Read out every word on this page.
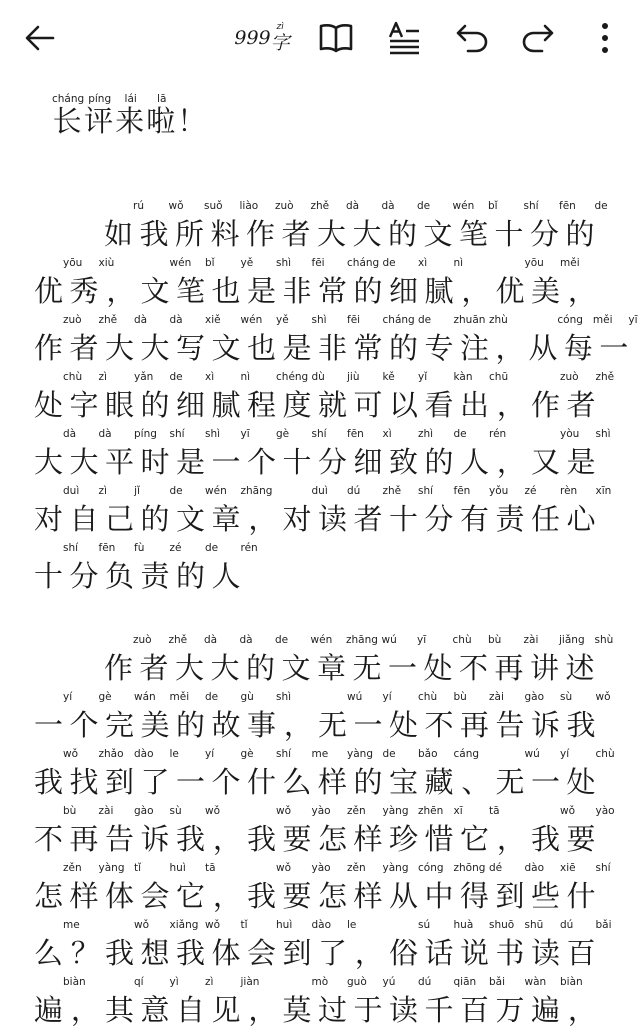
999 字zì
长cháng评píng来lái啦lā！
如rú
我wǒ
所suǒ
料liào
作zuò
者zhě
大dà
大dà
的de
文wén
笔bǐ
十shí
分fēn
的de
优yōu
秀xiù
， 文wén
笔bǐ
也yě
是shì
非fēi
常cháng
的de
细xì
腻nì
， 优yōu
美měi
，
作zuò
者zhě
大dà
大dà
写xiě
文wén
也yě
是shì
非fēi
常cháng
的de
专zhuān
注zhù
， 从cóng
每měi
一yī
处chù
字zì
眼yǎn
的de
细xì
腻nì
程chéng
度dù
就jiù
可kě
以yǐ
看kàn
出chū
， 作zuò
者zhě
大dà
大dà
平píng
时shí
是shì
一yī
个gè
十shí
分fēn
细xì
致zhì
的de
人rén
， 又yòu
是shì
对duì
自zì
己jǐ
的de
文wén
章zhāng
， 对duì
读dú
者zhě
十shí
分fēn
有yǒu
责zé
任rèn
心xīn
十shí
分fēn
负fù
责zé
的de
人rén
作zuò
者zhě
大dà
大dà
的de
文wén
章zhāng
无wú
一yī
处chù
不bù
再zài
讲jiǎng
述shù
一yí
个gè
完wán
美měi
的de
故gù
事shì
， 无wú
一yí
处chù
不bù
再zài
告gào
诉sù
我wǒ
我wǒ
找zhǎo
到dào
了le
一yí
个gè
什shí
么me
样yàng
的de
宝bǎo
藏cáng
、 无wú
一yí
处chù
不bù
再zài
告gào
诉sù
我wǒ
， 我wǒ
要yào
怎zěn
样yàng
珍zhēn
惜xī
它tā
， 我wǒ
要yào
怎zěn
样yàng
体tǐ
会huì
它tā
， 我wǒ
要yào
怎zěn
样yàng
从cóng
中zhōng
得dé
到dào
些xiē
什shí
么me
？ 我wǒ
想xiǎng
我wǒ
体tǐ
会huì
到dào
了le
， 俗sú
话huà
说shuō
书shū
读dú
百bǎi
遍biàn
， 其qí
意yì
自zì
见jiàn
， 莫mò
过guò
于yú
读dú
千qiān
百bǎi
万wàn
遍biàn
，
